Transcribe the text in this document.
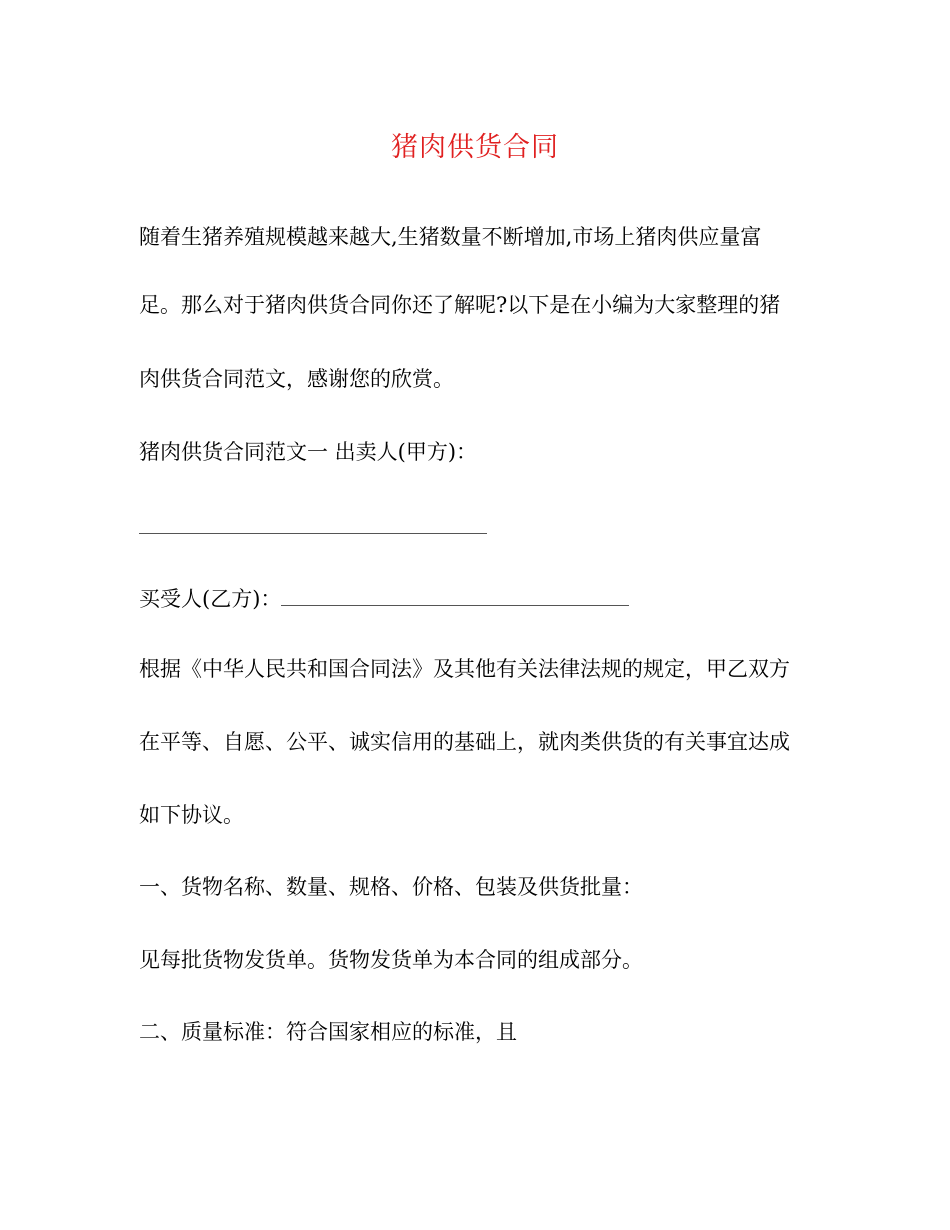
猪肉供货合同
随着生猪养殖规模越来越大,生猪数量不断增加,市场上猪肉供应量富
足。那么对于猪肉供货合同你还了解呢?以下是在小编为大家整理的猪
肉供货合同范文，感谢您的欣赏。
猪肉供货合同范文一 出卖人(甲方)：
买受人(乙方)：
根据《中华人民共和国合同法》及其他有关法律法规的规定，甲乙双方
在平等、自愿、公平、诚实信用的基础上，就肉类供货的有关事宜达成
如下协议。
一、货物名称、数量、规格、价格、包装及供货批量：
见每批货物发货单。货物发货单为本合同的组成部分。
二、质量标准：符合国家相应的标准，且
